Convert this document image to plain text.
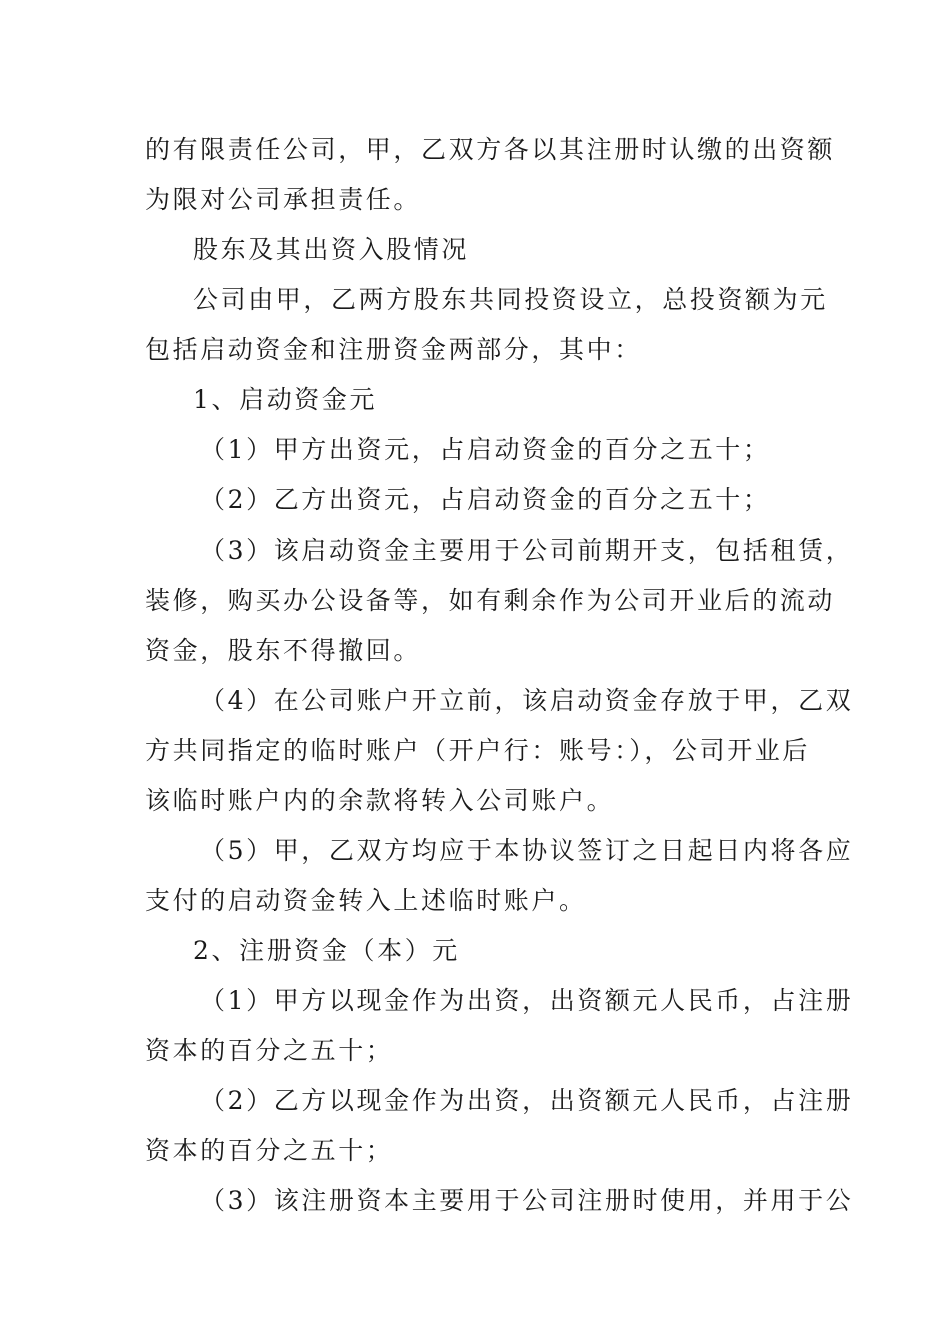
的有限责任公司，甲，乙双方各以其注册时认缴的出资额
为限对公司承担责任。
股东及其出资入股情况
公司由甲，乙两方股东共同投资设立，总投资额为元
包括启动资金和注册资金两部分，其中：
1、启动资金元
（1）甲方出资元，占启动资金的百分之五十；
（2）乙方出资元，占启动资金的百分之五十；
（3）该启动资金主要用于公司前期开支，包括租赁，
装修，购买办公设备等，如有剩余作为公司开业后的流动
资金，股东不得撤回。
（4）在公司账户开立前，该启动资金存放于甲，乙双
方共同指定的临时账户（开户行：账号：），公司开业后
该临时账户内的余款将转入公司账户。
（5）甲，乙双方均应于本协议签订之日起日内将各应
支付的启动资金转入上述临时账户。
2、注册资金（本）元
（1）甲方以现金作为出资，出资额元人民币，占注册
资本的百分之五十；
（2）乙方以现金作为出资，出资额元人民币，占注册
资本的百分之五十；
（3）该注册资本主要用于公司注册时使用，并用于公
